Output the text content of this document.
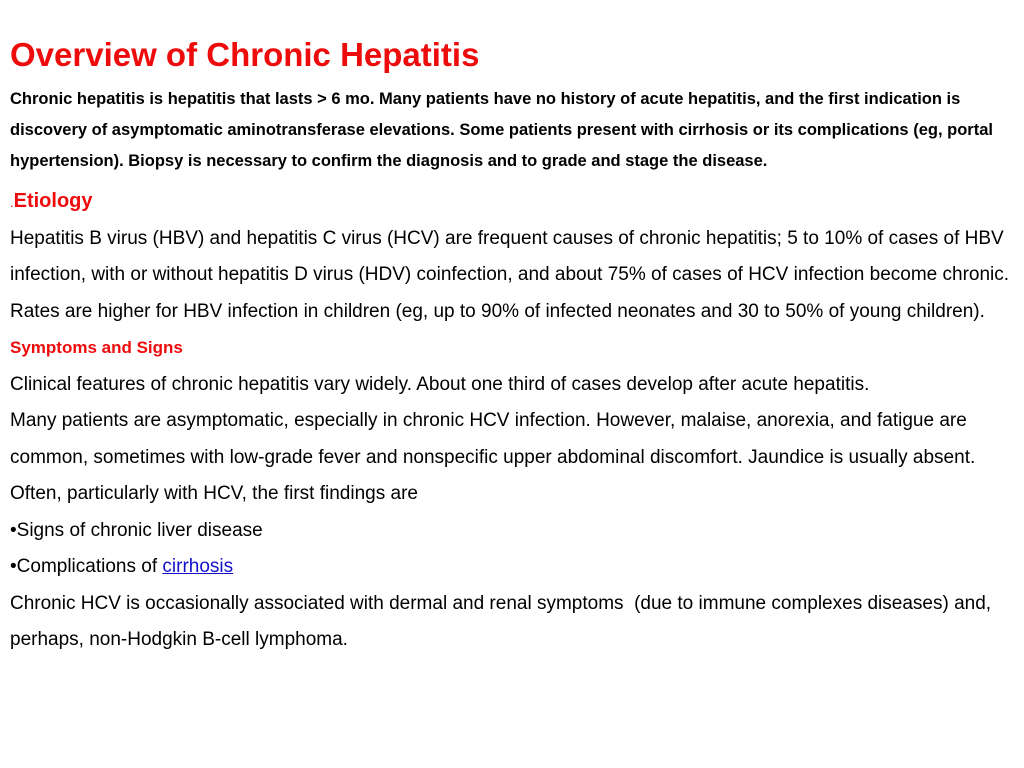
Overview of Chronic Hepatitis

Chronic hepatitis is hepatitis that lasts > 6 mo. Many patients have no history of acute hepatitis, and the first indication is discovery of asymptomatic aminotransferase elevations. Some patients present with cirrhosis or its complications (eg, portal hypertension). Biopsy is necessary to confirm the diagnosis and to grade and stage the disease.

.Etiology

Hepatitis B virus (HBV) and hepatitis C virus (HCV) are frequent causes of chronic hepatitis; 5 to 10% of cases of HBV infection, with or without hepatitis D virus (HDV) coinfection, and about 75% of cases of HCV infection become chronic. Rates are higher for HBV infection in children (eg, up to 90% of infected neonates and 30 to 50% of young children).

Symptoms and Signs

Clinical features of chronic hepatitis vary widely. About one third of cases develop after acute hepatitis.

Many patients are asymptomatic, especially in chronic HCV infection. However, malaise, anorexia, and fatigue are common, sometimes with low-grade fever and nonspecific upper abdominal discomfort. Jaundice is usually absent.

Often, particularly with HCV, the first findings are

•Signs of chronic liver disease

•Complications of cirrhosis

Chronic HCV is occasionally associated with dermal and renal symptoms  (due to immune complexes diseases) and, perhaps, non-Hodgkin B-cell lymphoma.
